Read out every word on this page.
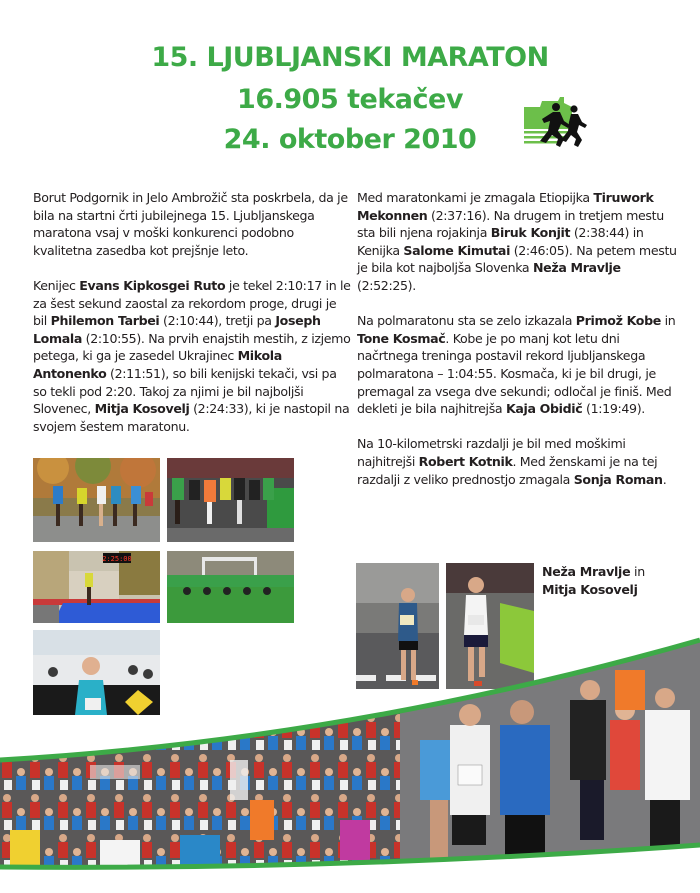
15. LJUBLJANSKI MARATON
16.905 tekačev
24. oktober 2010

Borut Podgornik in Jelo Ambrožič sta poskrbela, da je bila na startni črti jubilejnega 15. Ljubljanskega maratona vsaj v moški konkurenci podobno kvalitetna zasedba kot prejšnje leto.

Kenijec Evans Kipkosgei Ruto je tekel 2:10:17 in le za šest sekund zaostal za rekordom proge, drugi je bil Philemon Tarbei (2:10:44), tretji pa Joseph Lomala (2:10:55). Na prvih enajstih mestih, z izjemo petega, ki ga je zasedel Ukrajinec Mikola Antonenko (2:11:51), so bili kenijski tekači, vsi pa so tekli pod 2:20. Takoj za njimi je bil najboljši Slovenec, Mitja Kosovelj (2:24:33), ki je nastopil na svojem šestem maratonu.

Med maratonkami je zmagala Etiopijka Tiruwork Mekonnen (2:37:16). Na drugem in tretjem mestu sta bili njena rojakinja Biruk Konjit (2:38:44) in Kenijka Salome Kimutai (2:46:05). Na petem mestu je bila kot najboljša Slovenka Neža Mravlje (2:52:25).

Na polmaratonu sta se zelo izkazala Primož Kobe in Tone Kosmač. Kobe je po manj kot letu dni načrtnega treninga postavil rekord ljubljanskega polmaratona – 1:04:55. Kosmača, ki je bil drugi, je premagal za vsega dve sekundi; odločal je finiš. Med dekleti je bila najhitrejša Kaja Obidič (1:19:49).

Na 10-kilometrski razdalji je bil med moškimi najhitrejši Robert Kotnik. Med ženskami je na tej razdalji z veliko prednostjo zmagala Sonja Roman.

2:25:00
Neža Mravlje in
Mitja Kosovelj
